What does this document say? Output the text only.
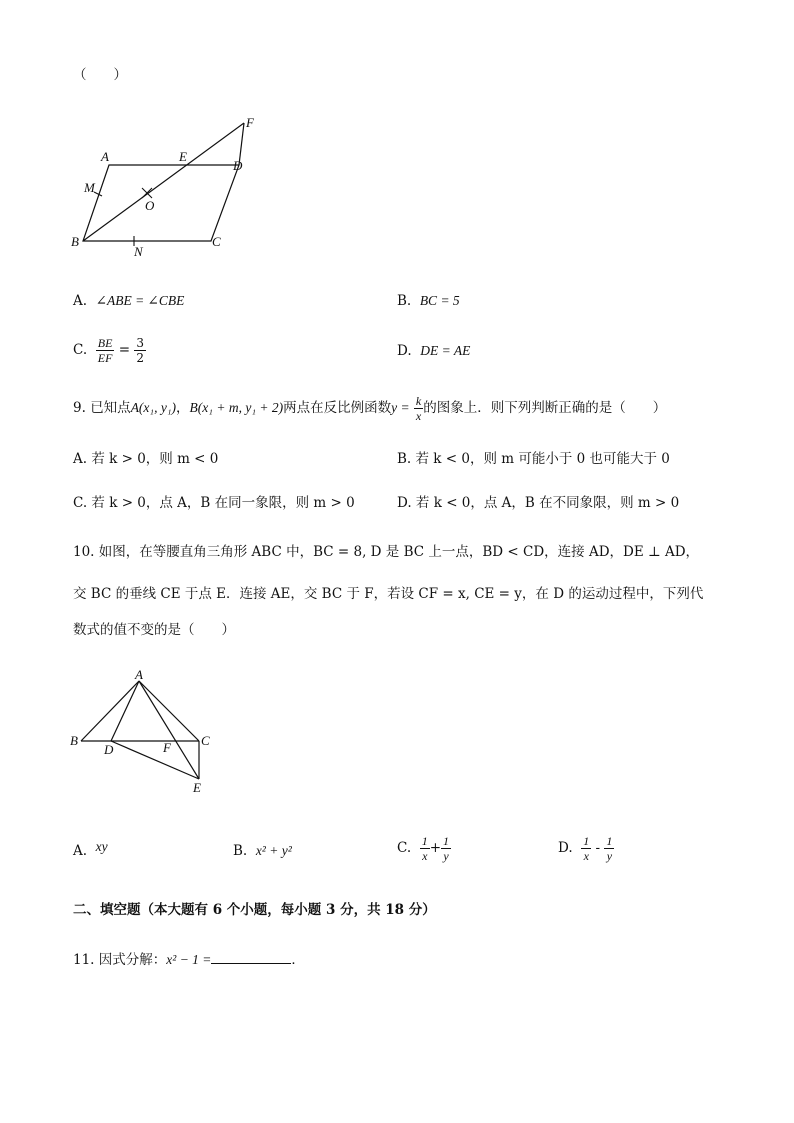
（　　）
A	E
D
F
M
O
B
N
C
A. ∠ABE = ∠CBE	B. BC = 5
C. $\frac{BE}{EF} = \frac{3}{2}$	D. DE = AE
9. 已知点A(x₁, y₁)，B(x₁ + m, y₁ + 2)两点在反比例函数$y = \frac{k}{x}$ 的图象上．则下列判断正确的是（　　）
A. 若 k > 0，则 m < 0	B. 若 k < 0，则 m 可能小于 0 也可能大于 0
C. 若 k > 0，点 A，B 在同一象限，则 m > 0	D. 若 k < 0，点 A，B 在不同象限，则 m > 0
10. 如图，在等腰直角三角形 ABC 中，BC = 8, D 是 BC 上一点，BD < CD，连接 AD，DE ⊥ AD，
交 BC 的垂线 CE 于点 E．连接 AE，交 BC 于 F，若设 CF = x, CE = y，在 D 的运动过程中，下列代
数式的值不变的是（　　）
A
B
D	F C
E
A. xy	B. x² + y²	C. $\frac{1}{x} + \frac{1}{y}$	D. $\frac{1}{x} - \frac{1}{y}$
二、填空题（本大题有 6 个小题，每小题 3 分，共 18 分）
11. 因式分解：x² − 1 =	．
